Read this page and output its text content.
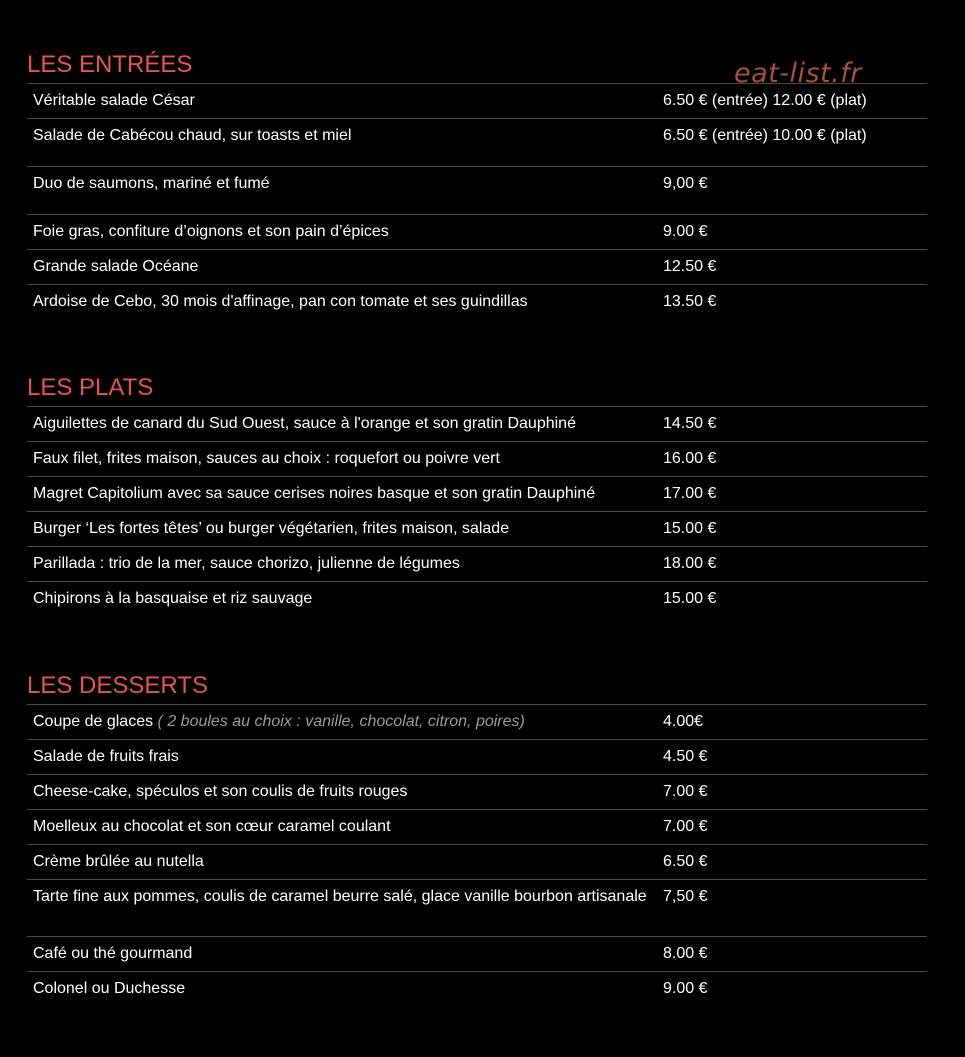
eat-list.fr
LES ENTRÉES
Véritable salade César	6.50 € (entrée) 12.00 € (plat)
Salade de Cabécou chaud, sur toasts et miel	6.50 € (entrée) 10.00 € (plat)
Duo de saumons, mariné et fumé	9,00 €
Foie gras, confiture d’oignons et son pain d’épices	9.00 €
Grande salade Océane	12.50 €
Ardoise de Cebo, 30 mois d'affinage, pan con tomate et ses guindillas	13.50 €
LES PLATS
Aiguilettes de canard du Sud Ouest, sauce à l'orange et son gratin Dauphiné	14.50 €
Faux filet, frites maison, sauces au choix : roquefort ou poivre vert	16.00 €
Magret Capitolium avec sa sauce cerises noires basque et son gratin Dauphiné	17.00 €
Burger ‘Les fortes têtes’ ou burger végétarien, frites maison, salade	15.00 €
Parillada : trio de la mer, sauce chorizo, julienne de légumes	18.00 €
Chipirons à la basquaise et riz sauvage	15.00 €
LES DESSERTS
Coupe de glaces ( 2 boules au choix : vanille, chocolat, citron, poires)	4.00€
Salade de fruits frais	4.50 €
Cheese-cake, spéculos et son coulis de fruits rouges	7.00 €
Moelleux au chocolat et son cœur caramel coulant	7.00 €
Crème brûlée au nutella	6.50 €
Tarte fine aux pommes, coulis de caramel beurre salé, glace vanille bourbon artisanale	7,50 €
Café ou thé gourmand	8.00 €
Colonel ou Duchesse	9.00 €
